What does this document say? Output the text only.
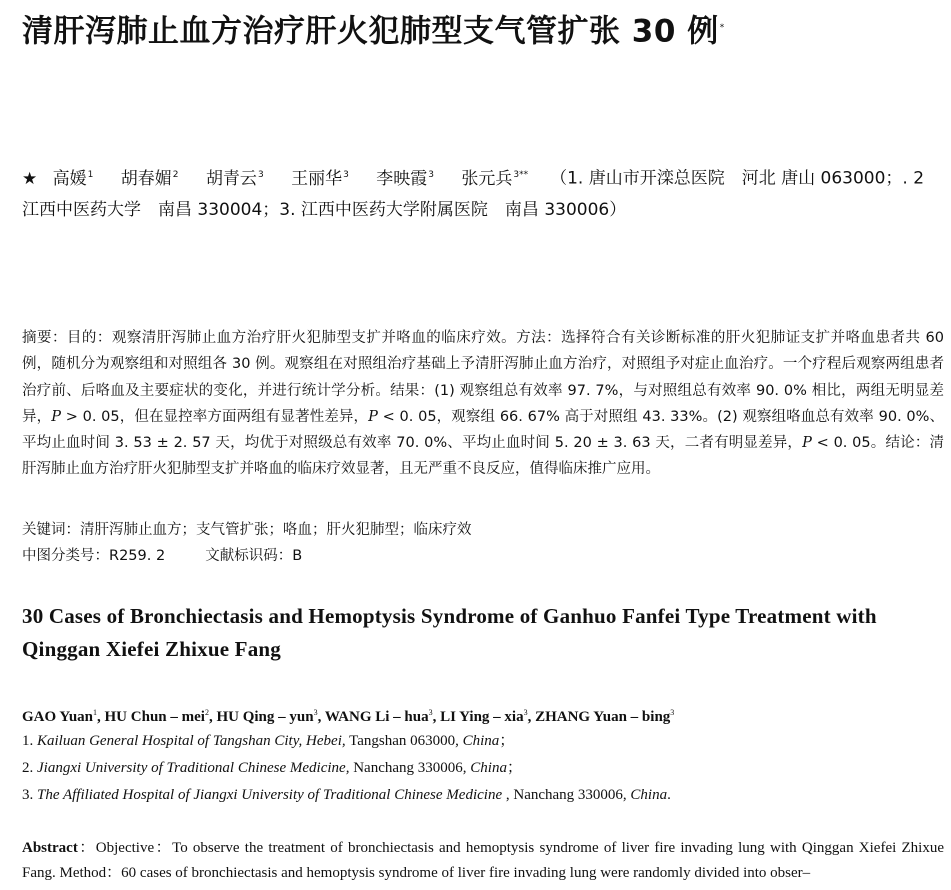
清肝泻肺止血方治疗肝火犯肺型支气管扩张 30 例*
★ 高媛$^1$ 胡春媚$^2$ 胡青云$^3$ 王丽华$^3$ 李映霞$^3$ 张元兵$^{3**}$ （1. 唐山市开滦总医院　河北 唐山 063000；. 2 江西中医药大学　南昌 330004；3. 江西中医药大学附属医院　南昌 330006）
摘要：目的：观察清肝泻肺止血方治疗肝火犯肺型支扩并咯血的临床疗效。方法：选择符合有关诊断标准的肝火犯肺证支扩并咯血患者共 60 例，随机分为观察组和对照组各 30 例。观察组在对照组治疗基础上予清肝泻肺止血方治疗，对照组予对症止血治疗。一个疗程后观察两组患者治疗前、后咯血及主要症状的变化，并进行统计学分析。结果：(1) 观察组总有效率 97. 7%，与对照组总有效率 90. 0% 相比，两组无明显差异，P > 0. 05，但在显控率方面两组有显著性差异，P < 0. 05，观察组 66. 67% 高于对照组 43. 33%。(2) 观察组咯血总有效率 90. 0%、平均止血时间 3. 53 ± 2. 57 天，均优于对照级总有效率 70. 0%、平均止血时间 5. 20 ± 3. 63 天，二者有明显差异，P < 0. 05。结论：清肝泻肺止血方治疗肝火犯肺型支扩并咯血的临床疗效显著，且无严重不良反应，值得临床推广应用。
关键词：清肝泻肺止血方；支气管扩张；咯血；肝火犯肺型；临床疗效
中图分类号：R259. 2	文献标识码：B
30 Cases of Bronchiectasis and Hemoptysis Syndrome of Ganhuo Fanfei Type Treatment with Qinggan Xiefei Zhixue Fang
GAO Yuan$^1$, HU Chun – mei$^2$, HU Qing – yun$^3$, WANG Li – hua$^3$, LI Ying – xia$^3$, ZHANG Yuan – bing$^3$
1. Kailuan General Hospital of Tangshan City, Hebei, Tangshan 063000, China；
2. Jiangxi University of Traditional Chinese Medicine, Nanchang 330006, China；
3. The Affiliated Hospital of Jiangxi University of Traditional Chinese Medicine , Nanchang 330006, China.
Abstract：Objective：To observe the treatment of bronchiectasis and hemoptysis syndrome of liver fire invading lung with Qinggan Xiefei Zhixue Fang. Method：60 cases of bronchiectasis and hemoptysis syndrome of liver fire invading lung were randomly divided into obser–
